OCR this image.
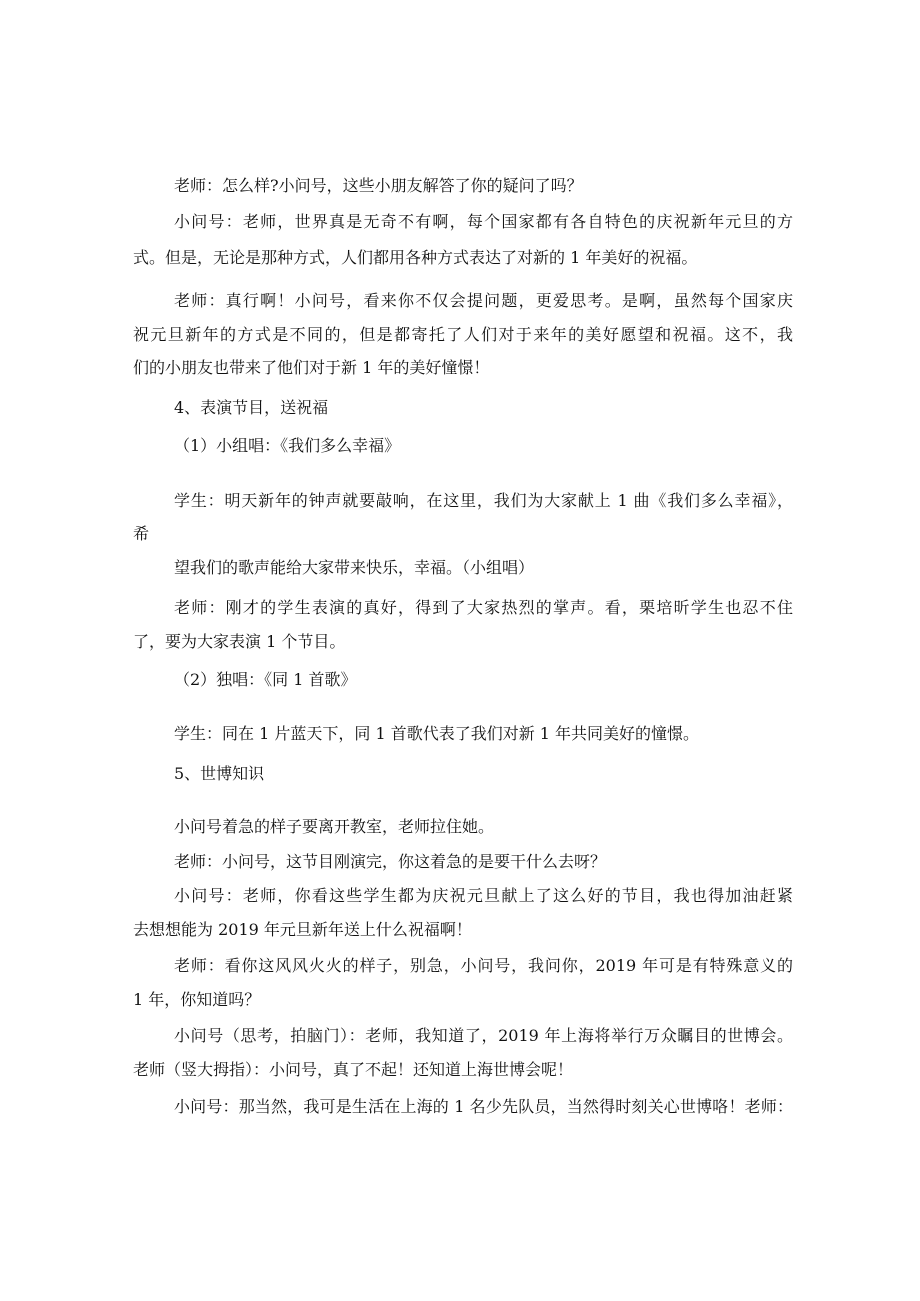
老师：怎么样?小问号，这些小朋友解答了你的疑问了吗？
小问号：老师，世界真是无奇不有啊，每个国家都有各自特色的庆祝新年元旦的方
式。但是，无论是那种方式，人们都用各种方式表达了对新的 1 年美好的祝福。
老师：真行啊！小问号，看来你不仅会提问题，更爱思考。是啊，虽然每个国家庆
祝元旦新年的方式是不同的，但是都寄托了人们对于来年的美好愿望和祝福。这不，我
们的小朋友也带来了他们对于新 1 年的美好憧憬！
4、表演节目，送祝福
（1）小组唱：《我们多么幸福》
学生：明天新年的钟声就要敲响，在这里，我们为大家献上 1 曲《我们多么幸福》，
希
望我们的歌声能给大家带来快乐，幸福。（小组唱）
老师：刚才的学生表演的真好，得到了大家热烈的掌声。看，栗培昕学生也忍不住
了，要为大家表演 1 个节目。
（2）独唱：《同 1 首歌》
学生：同在 1 片蓝天下，同 1 首歌代表了我们对新 1 年共同美好的憧憬。
5、世博知识
小问号着急的样子要离开教室，老师拉住她。
老师：小问号，这节目刚演完，你这着急的是要干什么去呀？
小问号：老师，你看这些学生都为庆祝元旦献上了这么好的节目，我也得加油赶紧
去想想能为 2019 年元旦新年送上什么祝福啊！
老师：看你这风风火火的样子，别急，小问号，我问你，2019 年可是有特殊意义的
1 年，你知道吗？
小问号（思考，拍脑门）：老师，我知道了，2019 年上海将举行万众瞩目的世博会。
老师（竖大拇指）：小问号，真了不起！还知道上海世博会呢！
小问号：那当然，我可是生活在上海的 1 名少先队员，当然得时刻关心世博咯！老师：
